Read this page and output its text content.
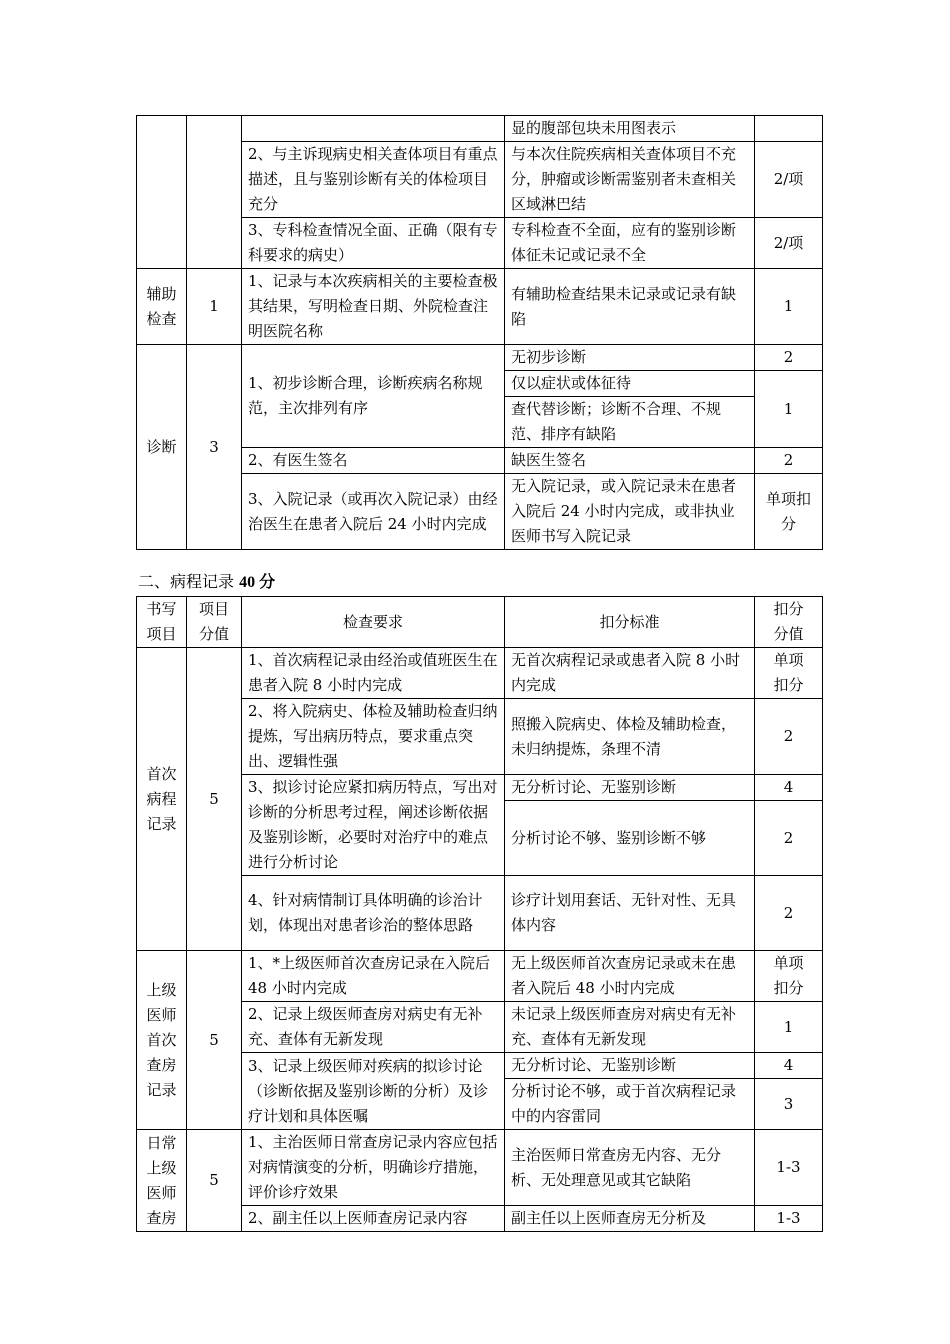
			显的腹部包块未用图表示	
		2、与主诉现病史相关查体项目有重点描述，且与鉴别诊断有关的体检项目充分	与本次住院疾病相关查体项目不充分，肿瘤或诊断需鉴别者未查相关区域淋巴结	2/项
		3、专科检查情况全面、正确（限有专科要求的病史）	专科检查不全面，应有的鉴别诊断体征未记或记录不全	2/项
辅助检查	1	1、记录与本次疾病相关的主要检查极其结果，写明检查日期、外院检查注明医院名称	有辅助检查结果未记录或记录有缺陷	1
诊断	3	1、初步诊断合理，诊断疾病名称规范，主次排列有序	无初步诊断	2
			仅以症状或体征待	1
			查代替诊断；诊断不合理、不规范、排序有缺陷	
		2、有医生签名	缺医生签名	2
		3、入院记录（或再次入院记录）由经治医生在患者入院后 24 小时内完成	无入院记录，或入院记录未在患者入院后 24 小时内完成，或非执业医师书写入院记录	单项扣分
二、病程记录 40 分
书写项目	项目分值	检查要求	扣分标准	扣分分值
首次病程记录	5	1、首次病程记录由经治或值班医生在患者入院 8 小时内完成	无首次病程记录或患者入院 8 小时内完成	单项扣分
		2、将入院病史、体检及辅助检查归纳提炼，写出病历特点，要求重点突出、逻辑性强	照搬入院病史、体检及辅助检查，未归纳提炼，条理不清	2
		3、拟诊讨论应紧扣病历特点，写出对诊断的分析思考过程，阐述诊断依据及鉴别诊断，必要时对治疗中的难点进行分析讨论	无分析讨论、无鉴别诊断	4
			分析讨论不够、鉴别诊断不够	2
		4、针对病情制订具体明确的诊治计划，体现出对患者诊治的整体思路	诊疗计划用套话、无针对性、无具体内容	2

上级医师首次查房记录	5	1、*上级医师首次查房记录在入院后 48 小时内完成	无上级医师首次查房记录或未在患者入院后 48 小时内完成	单项扣分
		2、记录上级医师查房对病史有无补充、查体有无新发现	未记录上级医师查房对病史有无补充、查体有无新发现	1
		3、记录上级医师对疾病的拟诊讨论（诊断依据及鉴别诊断的分析）及诊疗计划和具体医嘱	无分析讨论、无鉴别诊断	4
			分析讨论不够，或于首次病程记录中的内容雷同	3
日常上级医师查房	5	1、主治医师日常查房记录内容应包括对病情演变的分析，明确诊疗措施，评价诊疗效果	主治医师日常查房无内容、无分析、无处理意见或其它缺陷	1-3
		2、副主任以上医师查房记录内容	副主任以上医师查房无分析及	1-3
